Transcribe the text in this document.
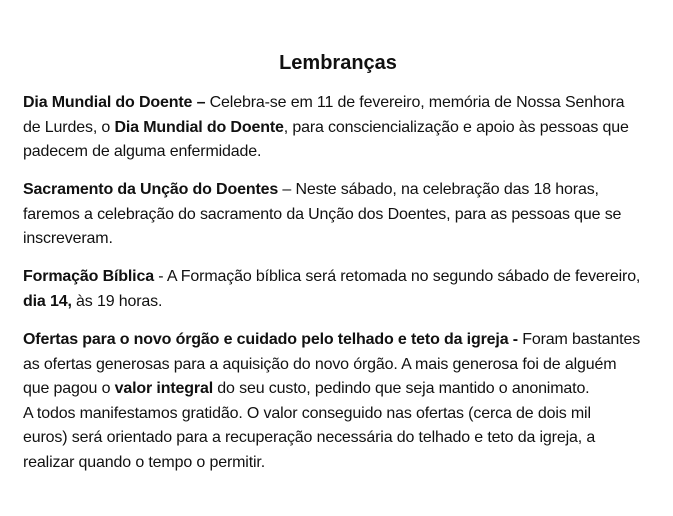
Lembranças
Dia Mundial do Doente – Celebra-se em 11 de fevereiro, memória de Nossa Senhora
de Lurdes, o Dia Mundial do Doente, para consciencialização e apoio às pessoas que
padecem de alguma enfermidade.
Sacramento da Unção do Doentes – Neste sábado, na celebração das 18 horas,
faremos a celebração do sacramento da Unção dos Doentes, para as pessoas que se
inscreveram.
Formação Bíblica - A Formação bíblica será retomada no segundo sábado de fevereiro,
dia 14, às 19 horas.
Ofertas para o novo órgão e cuidado pelo telhado e teto da igreja - Foram bastantes
as ofertas generosas para a aquisição do novo órgão. A mais generosa foi de alguém
que pagou o valor integral do seu custo, pedindo que seja mantido o anonimato.
A todos manifestamos gratidão. O valor conseguido nas ofertas (cerca de dois mil
euros) será orientado para a recuperação necessária do telhado e teto da igreja, a
realizar quando o tempo o permitir.
